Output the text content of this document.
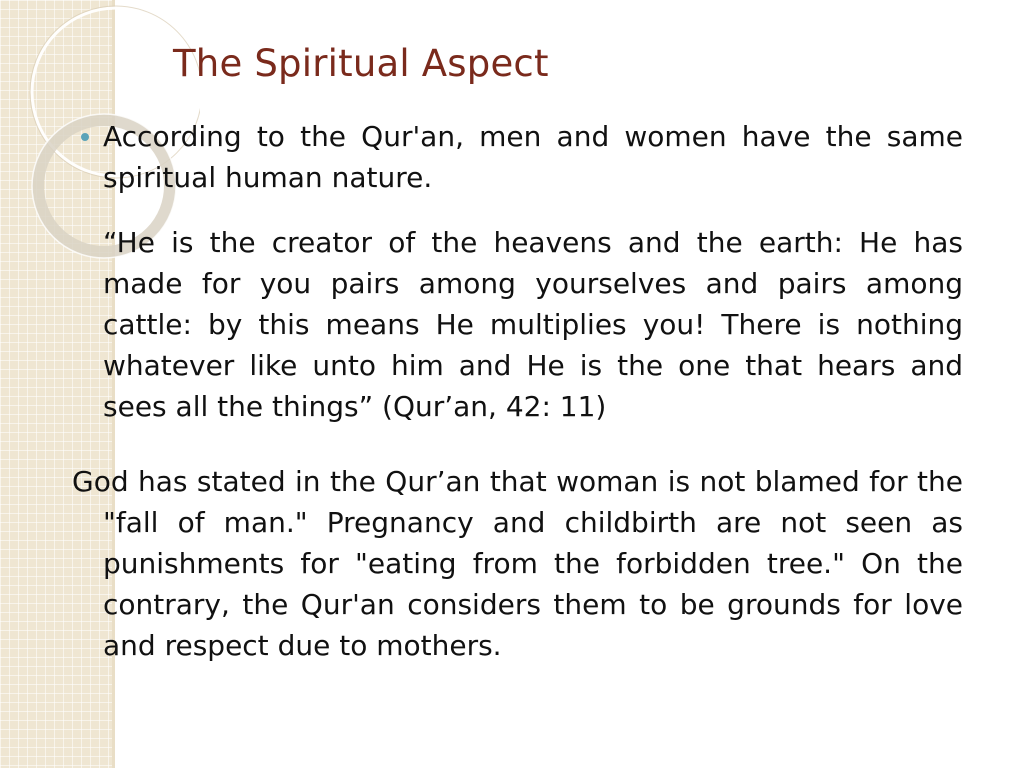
The Spiritual Aspect
According to the Qur'an, men and women have the same spiritual human nature.
“He is the creator of the heavens and the earth: He has made for you pairs among yourselves and pairs among cattle: by this means He multiplies you! There is nothing whatever like unto him and He is the one that hears and sees all the things” (Qur’an, 42: 11)
God has stated in the Qur’an that woman is not blamed for the "fall of man." Pregnancy and childbirth are not seen as punishments for "eating from the forbidden tree." On the contrary, the Qur'an considers them to be grounds for love and respect due to mothers.
